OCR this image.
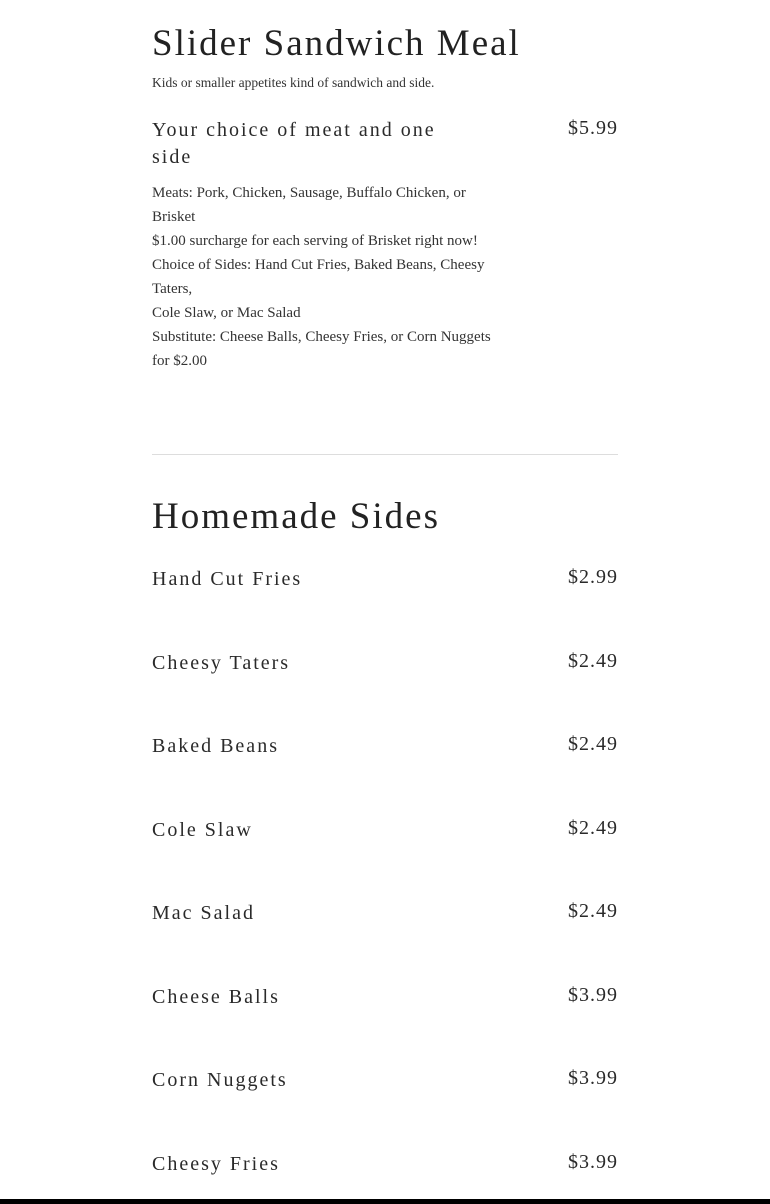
Slider Sandwich Meal

Kids or smaller appetites kind of sandwich and side.

Your choice of meat and one side
$5.99
Meats: Pork, Chicken, Sausage, Buffalo Chicken, or Brisket
$1.00 surcharge for each serving of Brisket right now!
Choice of Sides: Hand Cut Fries, Baked Beans, Cheesy Taters,
Cole Slaw, or Mac Salad
Substitute: Cheese Balls, Cheesy Fries, or Corn Nuggets for $2.00
Homemade Sides
Hand Cut Fries	$2.99
Cheesy Taters	$2.49
Baked Beans	$2.49
Cole Slaw	$2.49
Mac Salad	$2.49
Cheese Balls	$3.99
Corn Nuggets	$3.99
Cheesy Fries	$3.99
